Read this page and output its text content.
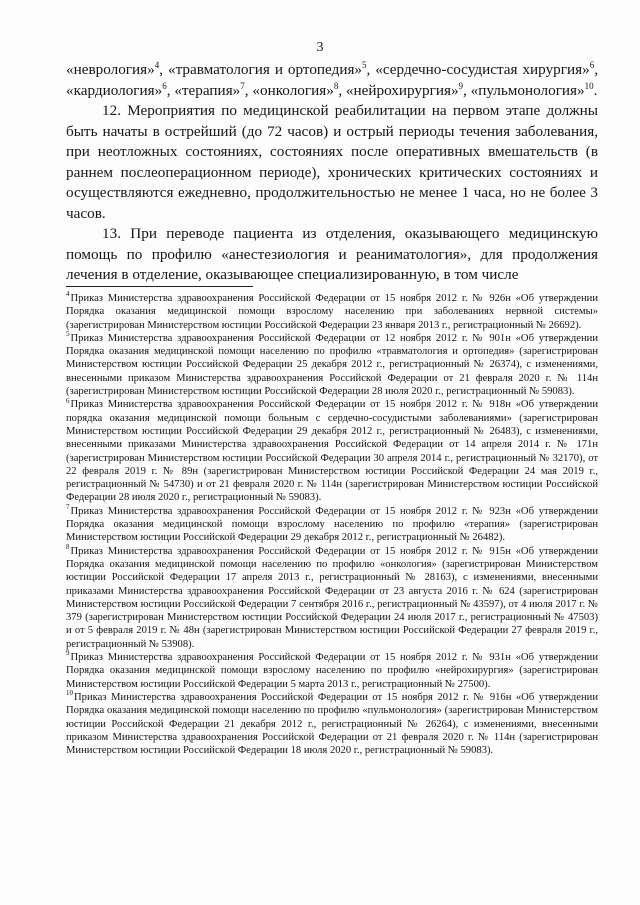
3

«неврология»$^4$, «травматология и ортопедия»$^5$, «сердечно-сосудистая хирургия»$^6$, «кардиология»$^6$, «терапия»$^7$, «онкология»$^8$, «нейрохирургия»$^9$, «пульмонология»$^{10}$.

12. Мероприятия по медицинской реабилитации на первом этапе должны быть начаты в острейший (до 72 часов) и острый периоды течения заболевания, при неотложных состояниях, состояниях после оперативных вмешательств (в раннем послеоперационном периоде), хронических критических состояниях и осуществляются ежедневно, продолжительностью не менее 1 часа, но не более 3 часов.

13. При переводе пациента из отделения, оказывающего медицинскую помощь по профилю «анестезиология и реаниматология», для продолжения лечения в отделение, оказывающее специализированную, в том числе

$^4$Приказ Министерства здравоохранения Российской Федерации от 15 ноября 2012 г. № 926н «Об утверждении Порядка оказания медицинской помощи взрослому населению при заболеваниях нервной системы» (зарегистрирован Министерством юстиции Российской Федерации 23 января 2013 г., регистрационный № 26692).

$^5$Приказ Министерства здравоохранения Российской Федерации от 12 ноября 2012 г. № 901н «Об утверждении Порядка оказания медицинской помощи населению по профилю «травматология и ортопедия» (зарегистрирован Министерством юстиции Российской Федерации 25 декабря 2012 г., регистрационный № 26374), с изменениями, внесенными приказом Министерства здравоохранения Российской Федерации от 21 февраля 2020 г. № 114н (зарегистрирован Министерством юстиции Российской Федерации 28 июля 2020 г., регистрационный № 59083).

$^6$Приказ Министерства здравоохранения Российской Федерации от 15 ноября 2012 г. № 918н «Об утверждении порядка оказания медицинской помощи больным с сердечно-сосудистыми заболеваниями» (зарегистрирован Министерством юстиции Российской Федерации 29 декабря 2012 г., регистрационный № 26483), с изменениями, внесенными приказами Министерства здравоохранения Российской Федерации от 14 апреля 2014 г. № 171н (зарегистрирован Министерством юстиции Российской Федерации 30 апреля 2014 г., регистрационный № 32170), от 22 февраля 2019 г. № 89н (зарегистрирован Министерством юстиции Российской Федерации 24 мая 2019 г., регистрационный № 54730) и от 21 февраля 2020 г. № 114н (зарегистрирован Министерством юстиции Российской Федерации 28 июля 2020 г., регистрационный № 59083).

$^7$Приказ Министерства здравоохранения Российской Федерации от 15 ноября 2012 г. № 923н «Об утверждении Порядка оказания медицинской помощи взрослому населению по профилю «терапия» (зарегистрирован Министерством юстиции Российской Федерации 29 декабря 2012 г., регистрационный № 26482).

$^8$Приказ Министерства здравоохранения Российской Федерации от 15 ноября 2012 г. № 915н «Об утверждении Порядка оказания медицинской помощи населению по профилю «онкология» (зарегистрирован Министерством юстиции Российской Федерации 17 апреля 2013 г., регистрационный № 28163), с изменениями, внесенными приказами Министерства здравоохранения Российской Федерации от 23 августа 2016 г. № 624 (зарегистрирован Министерством юстиции Российской Федерации 7 сентября 2016 г., регистрационный № 43597), от 4 июля 2017 г. № 379 (зарегистрирован Министерством юстиции Российской Федерации 24 июля 2017 г., регистрационный № 47503) и от 5 февраля 2019 г. № 48н (зарегистрирован Министерством юстиции Российской Федерации 27 февраля 2019 г., регистрационный № 53908).

$^9$Приказ Министерства здравоохранения Российской Федерации от 15 ноября 2012 г. № 931н «Об утверждении Порядка оказания медицинской помощи взрослому населению по профилю «нейрохирургия» (зарегистрирован Министерством юстиции Российской Федерации 5 марта 2013 г., регистрационный № 27500).

$^{10}$Приказ Министерства здравоохранения Российской Федерации от 15 ноября 2012 г. № 916н «Об утверждении Порядка оказания медицинской помощи населению по профилю «пульмонология» (зарегистрирован Министерством юстиции Российской Федерации 21 декабря 2012 г., регистрационный № 26264), с изменениями, внесенными приказом Министерства здравоохранения Российской Федерации от 21 февраля 2020 г. № 114н (зарегистрирован Министерством юстиции Российской Федерации 18 июля 2020 г., регистрационный № 59083).
